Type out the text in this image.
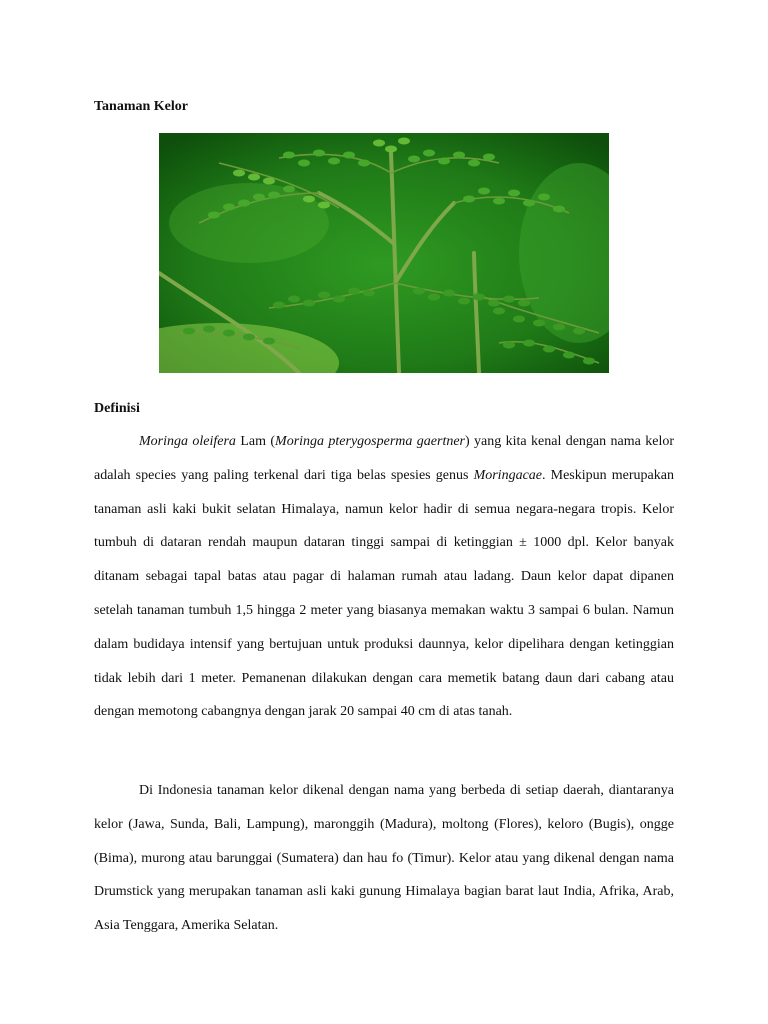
Tanaman Kelor
Definisi

Moringa oleifera Lam (Moringa pterygosperma gaertner) yang kita kenal dengan nama kelor adalah species yang paling terkenal dari tiga belas spesies genus Moringacae. Meskipun merupakan tanaman asli kaki bukit selatan Himalaya, namun kelor hadir di semua negara-negara tropis. Kelor tumbuh di dataran rendah maupun dataran tinggi sampai di ketinggian ± 1000 dpl. Kelor banyak ditanam sebagai tapal batas atau pagar di halaman rumah atau ladang. Daun kelor dapat dipanen setelah tanaman tumbuh 1,5 hingga 2 meter yang biasanya memakan waktu 3 sampai 6 bulan. Namun dalam budidaya intensif yang bertujuan untuk produksi daunnya, kelor dipelihara dengan ketinggian tidak lebih dari 1 meter. Pemanenan dilakukan dengan cara memetik batang daun dari cabang atau dengan memotong cabangnya dengan jarak 20 sampai 40 cm di atas tanah.

Di Indonesia tanaman kelor dikenal dengan nama yang berbeda di setiap daerah, diantaranya kelor (Jawa, Sunda, Bali, Lampung), maronggih (Madura), moltong (Flores), keloro (Bugis), ongge (Bima), murong atau barunggai (Sumatera) dan hau fo (Timur). Kelor atau yang dikenal dengan nama Drumstick yang merupakan tanaman asli kaki gunung Himalaya bagian barat laut India, Afrika, Arab, Asia Tenggara, Amerika Selatan.
